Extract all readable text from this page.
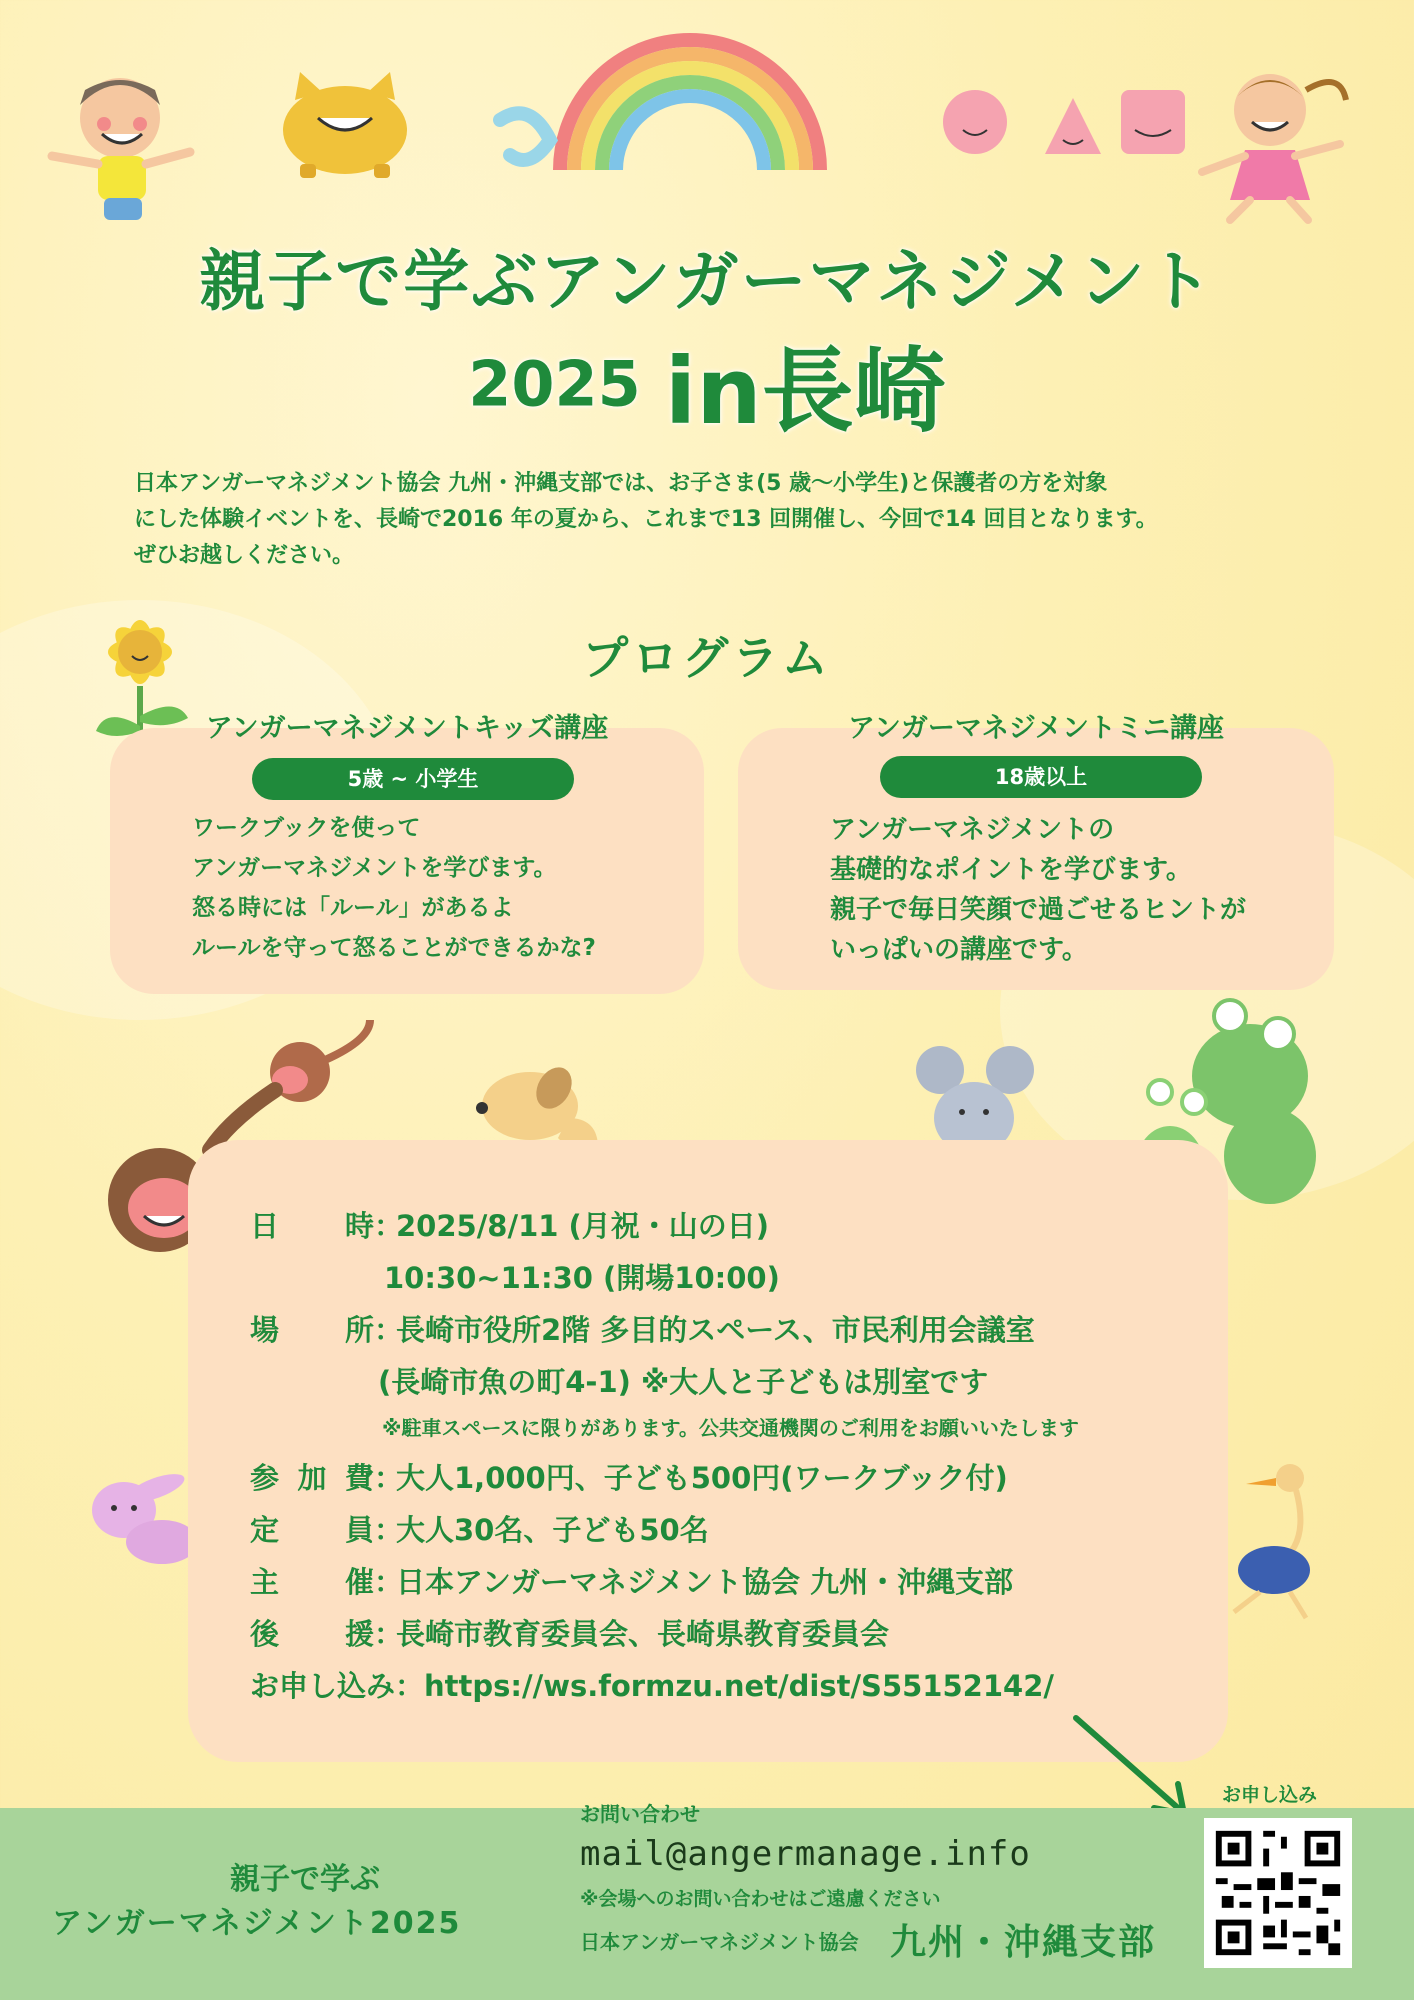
親子で学ぶアンガーマネジメント
2025 in長崎
日本アンガーマネジメント協会 九州・沖縄支部では、お子さま(5 歳〜小学生)と保護者の方を対象
にした体験イベントを、長崎で2016 年の夏から、これまで13 回開催し、今回で14 回目となります。
ぜひお越しください。
プログラム
アンガーマネジメントキッズ講座
5歳 ~ 小学生
ワークブックを使って
アンガーマネジメントを学びます。
怒る時には「ルール」があるよ
ルールを守って怒ることができるかな?
アンガーマネジメントミニ講座
18歳以上
アンガーマネジメントの
基礎的なポイントを学びます。
親子で毎日笑顔で過ごせるヒントが
いっぱいの講座です。
日　時：2025/8/11 (月祝・山の日)
10:30~11:30 (開場10:00)
場　所：長崎市役所2階 多目的スペース、市民利用会議室
(長崎市魚の町4-1) ※大人と子どもは別室です
※駐車スペースに限りがあります。公共交通機関のご利用をお願いいたします
参加費：大人1,000円、子ども500円(ワークブック付)
定　員：大人30名、子ども50名
主　催：日本アンガーマネジメント協会 九州・沖縄支部
後　援：長崎市教育委員会、長崎県教育委員会
お申し込み：https://ws.formzu.net/dist/S55152142/
親子で学ぶ
アンガーマネジメント2025
お問い合わせ
mail@angermanage.info
※会場へのお問い合わせはご遠慮ください
日本アンガーマネジメント協会 九州・沖縄支部
お申し込み
